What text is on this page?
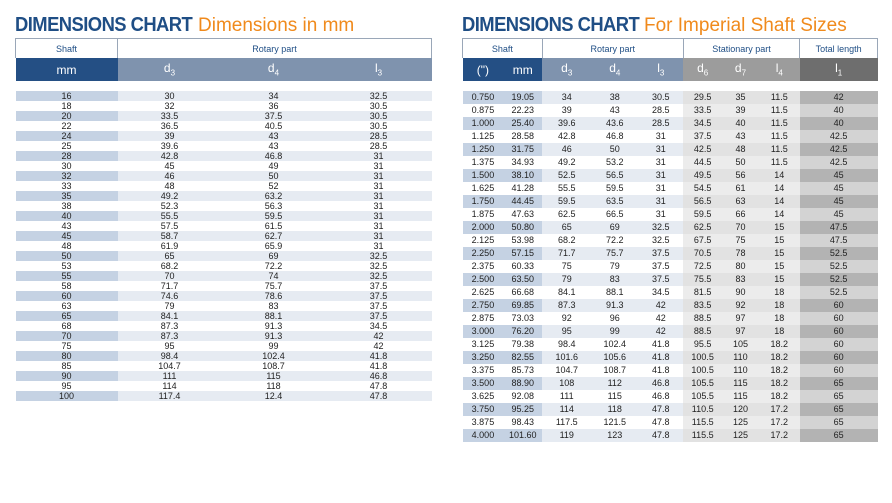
DIMENSIONS CHART Dimensions in mm
Shaft	Rotary part		
mm	$d_3$	$d_4$	$l_3$

16	30	34	32.5
18	32	36	30.5
20	33.5	37.5	30.5
22	36.5	40.5	30.5
24	39	43	28.5
25	39.6	43	28.5
28	42.8	46.8	31
30	45	49	31
32	46	50	31
33	48	52	31
35	49.2	63.2	31
38	52.3	56.3	31
40	55.5	59.5	31
43	57.5	61.5	31
45	58.7	62.7	31
48	61.9	65.9	31
50	65	69	32.5
53	68.2	72.2	32.5
55	70	74	32.5
58	71.7	75.7	37.5
60	74.6	78.6	37.5
63	79	83	37.5
65	84.1	88.1	37.5
68	87.3	91.3	34.5
70	87.3	91.3	42
75	95	99	42
80	98.4	102.4	41.8
85	104.7	108.7	41.8
90	111	115	46.8
95	114	118	47.8
100	117.4	12.4	47.8
DIMENSIONS CHART For Imperial Shaft Sizes
Shaft		Rotary part			Stationary part			Total length
(")	mm	$d_3$	$d_4$	$l_3$	$d_6$	$d_7$	$l_4$	$l_1$

0.750	19.05	34	38	30.5	29.5	35	11.5	42
0.875	22.23	39	43	28.5	33.5	39	11.5	40
1.000	25.40	39.6	43.6	28.5	34.5	40	11.5	40
1.125	28.58	42.8	46.8	31	37.5	43	11.5	42.5
1.250	31.75	46	50	31	42.5	48	11.5	42.5
1.375	34.93	49.2	53.2	31	44.5	50	11.5	42.5
1.500	38.10	52.5	56.5	31	49.5	56	14	45
1.625	41.28	55.5	59.5	31	54.5	61	14	45
1.750	44.45	59.5	63.5	31	56.5	63	14	45
1.875	47.63	62.5	66.5	31	59.5	66	14	45
2.000	50.80	65	69	32.5	62.5	70	15	47.5
2.125	53.98	68.2	72.2	32.5	67.5	75	15	47.5
2.250	57.15	71.7	75.7	37.5	70.5	78	15	52.5
2.375	60.33	75	79	37.5	72.5	80	15	52.5
2.500	63.50	79	83	37.5	75.5	83	15	52.5
2.625	66.68	84.1	88.1	34.5	81.5	90	18	52.5
2.750	69.85	87.3	91.3	42	83.5	92	18	60
2.875	73.03	92	96	42	88.5	97	18	60
3.000	76.20	95	99	42	88.5	97	18	60
3.125	79.38	98.4	102.4	41.8	95.5	105	18.2	60
3.250	82.55	101.6	105.6	41.8	100.5	110	18.2	60
3.375	85.73	104.7	108.7	41.8	100.5	110	18.2	60
3.500	88.90	108	112	46.8	105.5	115	18.2	65
3.625	92.08	111	115	46.8	105.5	115	18.2	65
3.750	95.25	114	118	47.8	110.5	120	17.2	65
3.875	98.43	117.5	121.5	47.8	115.5	125	17.2	65
4.000	101.60	119	123	47.8	115.5	125	17.2	65
